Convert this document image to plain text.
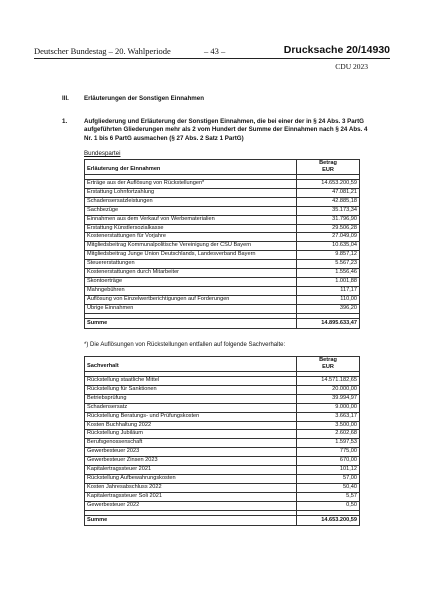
Deutscher Bundestag – 20. Wahlperiode	– 43 –	Drucksache 20/14930
CDU 2023
III. Erläuterungen der Sonstigen Einnahmen
1.	Aufgliederung und Erläuterung der Sonstigen Einnahmen, die bei einer der in § 24 Abs. 3 PartG aufgeführten Gliederungen mehr als 2 vom Hundert der Summe der Einnahmen nach § 24 Abs. 4 Nr. 1 bis 6 PartG ausmachen (§ 27 Abs. 2 Satz 1 PartG)
Bundespartei
Erläuterung der Einnahmen	Betrag
EUR

Erträge aus der Auflösung von Rückstellungen*	14.653.200,59
Erstattung Lohnfortzahlung	47.081,21
Schadensersatzleistungen	42.885,18
Sachbezüge	35.173,34
Einnahmen aus dem Verkauf von Werbematerialien	31.796,90
Erstattung Künstlersozialkasse	29.506,28
Kostenerstattungen für Vorjahre	27.049,09
Mitgliedsbeitrag Kommunalpolitische Vereinigung der CSU Bayern	10.635,04
Mitgliedsbeitrag Junge Union Deutschlands, Landesverband Bayern	9.857,12
Steuererstattungen	5.567,23
Kostenerstattungen durch Mitarbeiter	1.556,46
Skontoerträge	1.001,88
Mahngebühren	117,17
Auflösung von Einzelwertberichtigungen auf Forderungen	110,00
Übrige Einnahmen	396,20

Summe	14.895.633,47
*) Die Auflösungen von Rückstellungen entfallen auf folgende Sachverhalte:
Sachverhalt	Betrag
EUR

Rückstellung staatliche Mittel	14.571.182,65
Rückstellung für Sanktionen	20.000,00
Betriebsprüfung	39.994,97
Schadensersatz	9.000,00
Rückstellung Beratungs- und Prüfungskosten	3.663,17
Kosten Buchhaltung 2022	3.500,00
Rückstellung Jubiläum	2.602,68
Berufsgenossenschaft	1.597,53
Gewerbesteuer 2023	775,00
Gewerbesteuer Zinsen 2023	670,00
Kapitalertragssteuer 2021	101,12
Rückstellung Aufbewahrungskosten	57,00
Kosten Jahresabschluss 2022	50,40
Kapitalertragssteuer Soli 2021	5,57
Gewerbesteuer 2022	0,50

Summe	14.653.200,59
